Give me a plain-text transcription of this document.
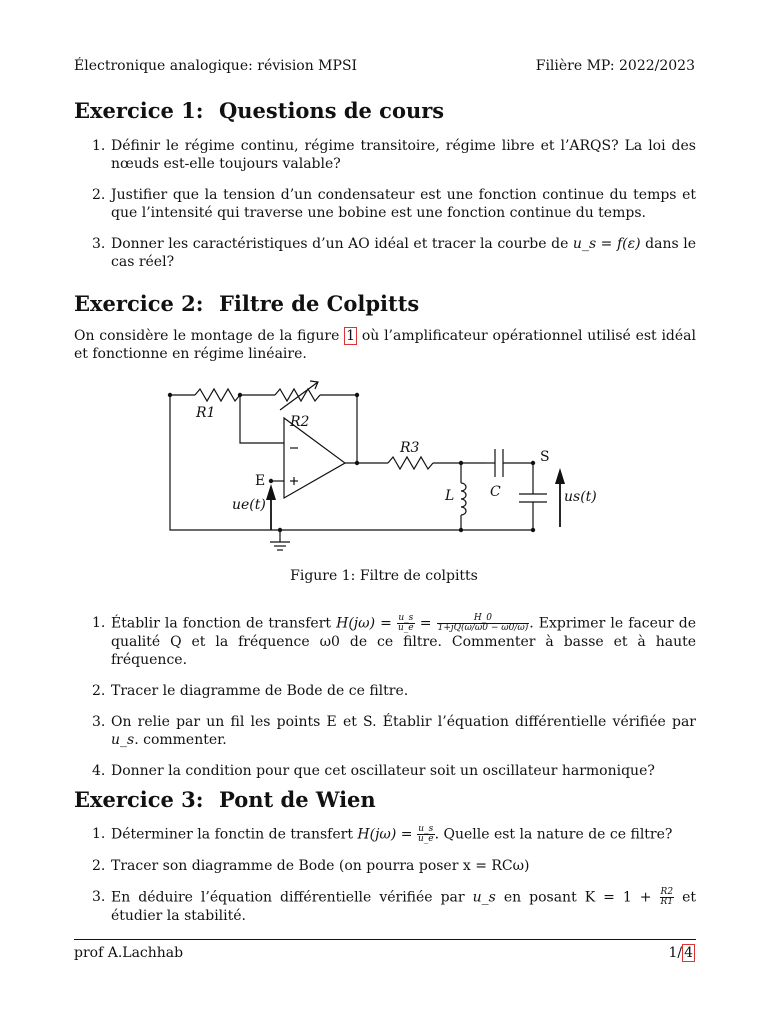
Électronique analogique: révision MPSI	Filière MP: 2022/2023
Exercice 1: Questions de cours
1. Définir le régime continu, régime transitoire, régime libre et l’ARQS? La loi des nœuds est-elle toujours valable?
2. Justifier que la tension d’un condensateur est une fonction continue du temps et que l’intensité qui traverse une bobine est une fonction continue du temps.
3. Donner les caractéristiques d’un AO idéal et tracer la courbe de u_s = f(ε) dans le cas réel?
Exercice 2: Filtre de Colpitts

On considère le montage de la figure 1 où l’amplificateur opérationnel utilisé est idéal et fonctionne en régime linéaire.

R1
R2
R3
L	C
ue(t)	us(t)
E
S
Figure 1: Filtre de colpitts
1. Établir la fonction de transfert $H(j\omega) = \frac{u\_s}{u\_e} = \frac{H\_0}{1+jQ(\omega/\omega 0 - \omega 0/\omega)}$ . Exprimer le faceur de qualité Q et la fréquence ω0 de ce filtre. Commenter à basse et à haute fréquence.
2. Tracer le diagramme de Bode de ce filtre.
3. On relie par un fil les points E et S. Établir l’équation différentielle vérifiée par u_s. commenter.
4. Donner la condition pour que cet oscillateur soit un oscillateur harmonique?
Exercice 3: Pont de Wien
1. Déterminer la fonctin de transfert $H(j\omega) = \frac{u\_s}{u\_e}$ . Quelle est la nature de ce filtre?
2. Tracer son diagramme de Bode (on pourra poser x = RCω)
3. En déduire l’équation différentielle vérifiée par u_s en posant $K = 1 + \frac{R2}{R1}$ et étudier la stabilité.
prof A.Lachhab	1/ 4
